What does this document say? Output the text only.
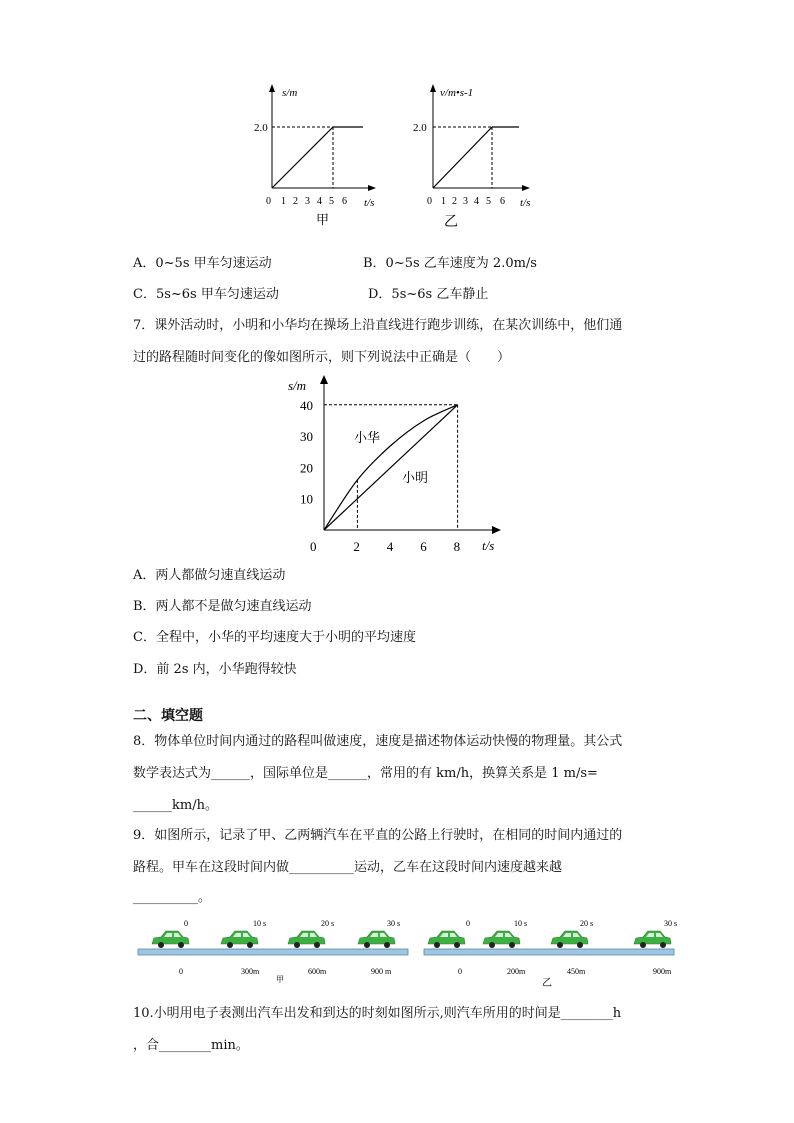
s/m
2.0
t/s
0 1 2 3 4 5 6
甲
v/m•s-1
2.0
t/s
0 1 2 3 4 5 6
乙
A．0~5s 甲车匀速运动	B．0~5s 乙车速度为 2.0m/s
C．5s~6s 甲车匀速运动	D．5s~6s 乙车静止
7．课外活动时，小明和小华均在操场上沿直线进行跑步训练，在某次训练中，他们通
过的路程随时间变化的像如图所示，则下列说法中正确是（　　）
10
20
30
40
0	2 4 6 8
s/m
t/s
小华
小明
A．两人都做匀速直线运动
B．两人都不是做匀速直线运动
C．全程中，小华的平均速度大于小明的平均速度
D．前 2s 内，小华跑得较快
二、填空题
8．物体单位时间内通过的路程叫做速度，速度是描述物体运动快慢的物理量。其公式
数学表达式为______，国际单位是______，常用的有 km/h，换算关系是 1 m/s=
______km/h。
9．如图所示，记录了甲、乙两辆汽车在平直的公路上行驶时，在相同的时间内通过的
路程。甲车在这段时间内做__________运动，乙车在这段时间内速度越来越
__________。
0	10 s	20 s	30 s
0	300m	600m	900 m
0	10 s	20 s	30 s
0	200m	450m	900m
甲	乙
10.小明用电子表测出汽车出发和到达的时刻如图所示,则汽车所用的时间是________h
，合________min。
